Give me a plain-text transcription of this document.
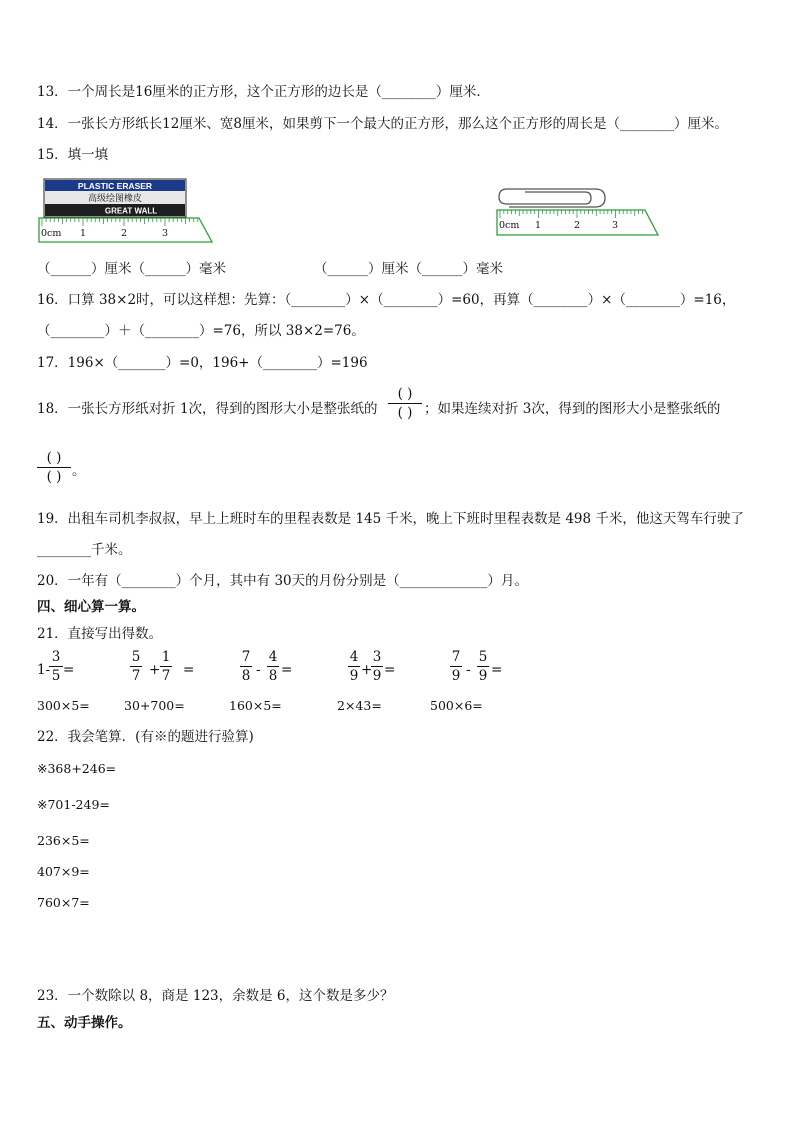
13．一个周长是16厘米的正方形，这个正方形的边长是（________）厘米．
14．一张长方形纸长12厘米、宽8厘米，如果剪下一个最大的正方形，那么这个正方形的周长是（________）厘米。
15．填一填
PLASTIC ERASER
高级绘图橡皮
GREAT WALL
0cm 1	2	3
0cm 1	2	3
（______）厘米（______）毫米	（______）厘米（______）毫米
16．口算 38×2时，可以这样想：先算：（________）×（________）=60，再算（________）×（________）=16，
（________）＋（________）=76，所以 38×2=76。
17．196×（_______）=0，196+（________）=196
18．一张长方形纸对折 1次，得到的图形大小是整张纸的
( )
( ) ；如果连续对折 3次，得到的图形大小是整张纸的
( )
( ) 。
19．出租车司机李叔叔，早上上班时车的里程表数是 145 千米，晚上下班时里程表数是 498 千米，他这天驾车行驶了
________千米。
20．一年有（________）个月，其中有 30天的月份分别是（_____________）月。
四、细心算一算。
21．直接写出得数。
1-
3
5 =
5
7 +
1
7 =
7
8 -
4
8 =
4
9 +
3
9 =
7
9 -
5
9 =
300×5=	30+700=	160×5=	2×43=	500×6=
22．我会笔算．(有※的题进行验算)
※368+246=
※701-249=
236×5=
407×9=
760×7=
23．一个数除以 8，商是 123，余数是 6，这个数是多少？
五、动手操作。
